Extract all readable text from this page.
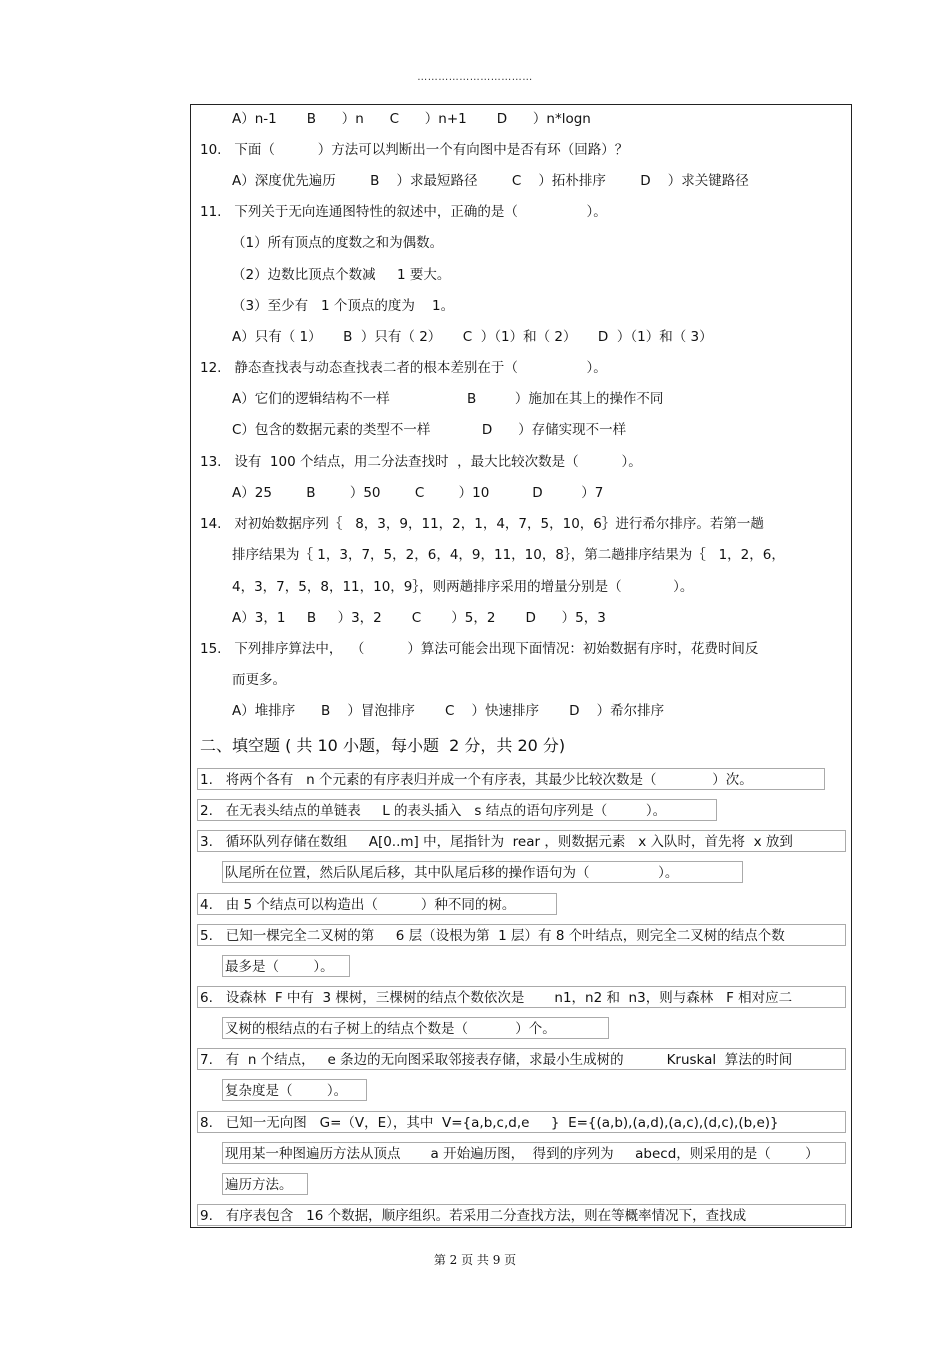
……………………………
A）n-1       B      ）n      C      ）n+1       D      ）n*logn
10.   下面（          ）方法可以判断出一个有向图中是否有环（回路）？
A）深度优先遍历        B    ）求最短路径        C    ）拓朴排序        D    ）求关键路径
11.   下列关于无向连通图特性的叙述中，正确的是（                ）。
（1）所有顶点的度数之和为偶数。
（2）边数比顶点个数减     1 要大。
（3）至少有   1 个顶点的度为    1。
A）只有（ 1）     B  ）只有（ 2）     C  ）（1）和（ 2）     D  ）（1）和（ 3）
12.   静态查找表与动态查找表二者的根本差别在于（                ）。
A）它们的逻辑结构不一样                  B         ）施加在其上的操作不同
C）包含的数据元素的类型不一样            D      ）存储实现不一样
13.   设有  100 个结点，用二分法查找时  ，最大比较次数是（          ）。
A）25        B        ）50        C        ）10          D         ）7
14.   对初始数据序列｛   8，3，9，11，2，1，4，7，5，10，6｝进行希尔排序。若第一趟
排序结果为｛ 1，3，7，5，2，6，4，9，11，10，8｝，第二趟排序结果为｛   1，2，6，
4，3，7，5，8，11，10，9｝，则两趟排序采用的增量分别是（            ）。
A）3，1     B     ）3，2       C       ）5，2       D      ）5，3
15.   下列排序算法中，  （          ）算法可能会出现下面情况：初始数据有序时，花费时间反
而更多。
A）堆排序      B    ）冒泡排序       C    ）快速排序       D    ）希尔排序
二、填空题 ( 共 10 小题，每小题  2 分，共 20 分)
1.   将两个各有   n 个元素的有序表归并成一个有序表，其最少比较次数是（             ）次。
2.   在无表头结点的单链表     L 的表头插入   s 结点的语句序列是（         ）。
3.   循环队列存储在数组     A[0..m] 中，尾指针为  rear ，则数据元素   x 入队时，首先将  x 放到
队尾所在位置，然后队尾后移，其中队尾后移的操作语句为（                ）。
4.   由 5 个结点可以构造出（          ）种不同的树。
5.   已知一棵完全二叉树的第     6 层（设根为第  1 层）有 8 个叶结点，则完全二叉树的结点个数
最多是（        ）。
6.   设森林  F 中有  3 棵树，三棵树的结点个数依次是       n1，n2 和  n3，则与森林   F 相对应二
叉树的根结点的右子树上的结点个数是（           ）个。
7.   有  n 个结点，   e 条边的无向图采取邻接表存储，求最小生成树的          Kruskal  算法的时间
复杂度是（        ）。
8.   已知一无向图   G=（V，E），其中  V={a,b,c,d,e     }  E={(a,b),(a,d),(a,c),(d,c),(b,e)}
现用某一种图遍历方法从顶点       a 开始遍历图，  得到的序列为     abecd，则采用的是（        ）
遍历方法。
9.   有序表包含   16 个数据，顺序组织。若采用二分查找方法，则在等概率情况下，查找成
第 2 页 共 9 页
